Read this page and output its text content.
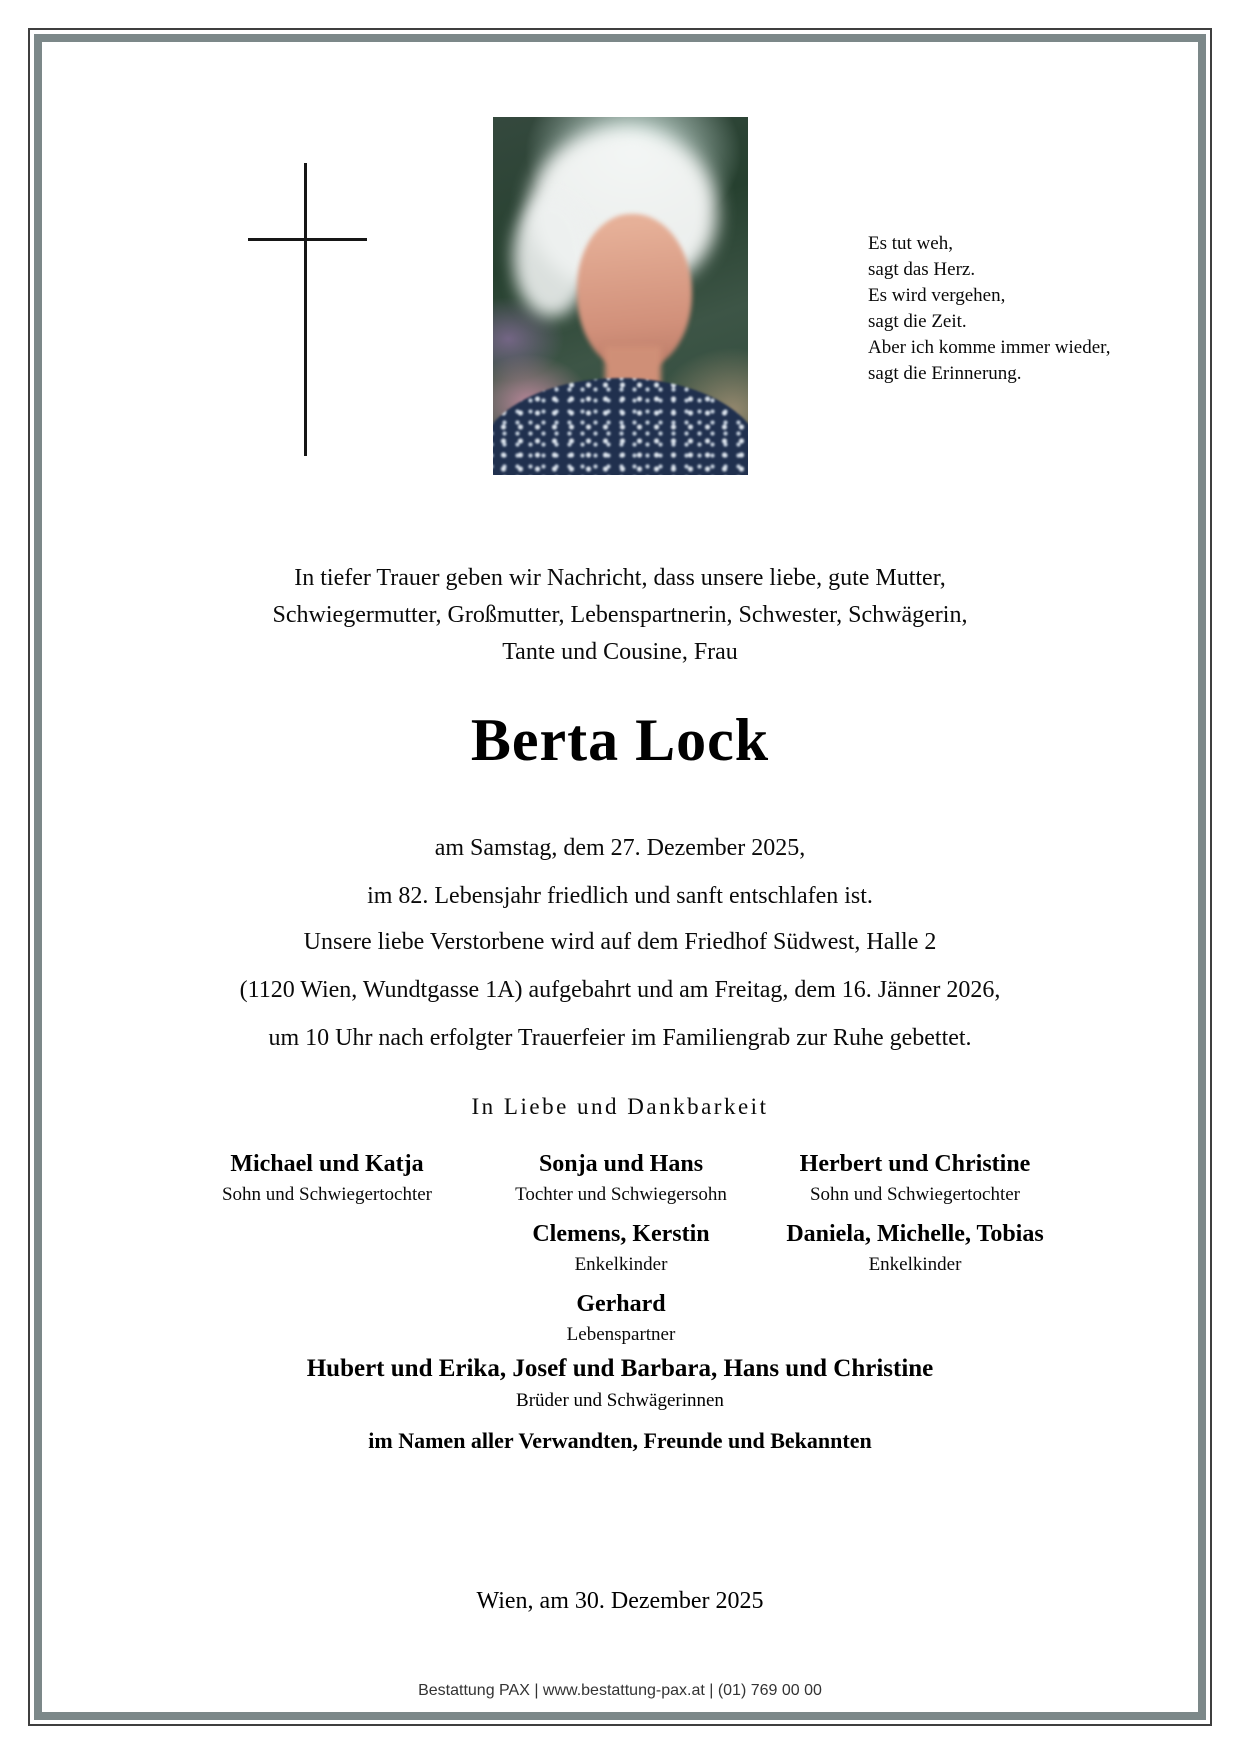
Es tut weh,
sagt das Herz.
Es wird vergehen,
sagt die Zeit.
Aber ich komme immer wieder,
sagt die Erinnerung.
In tiefer Trauer geben wir Nachricht, dass unsere liebe, gute Mutter,
Schwiegermutter, Großmutter, Lebenspartnerin, Schwester, Schwägerin,
Tante und Cousine, Frau
Berta Lock
am Samstag, dem 27. Dezember 2025,
im 82. Lebensjahr friedlich und sanft entschlafen ist.
Unsere liebe Verstorbene wird auf dem Friedhof Südwest, Halle 2
(1120 Wien, Wundtgasse 1A) aufgebahrt und am Freitag, dem 16. Jänner 2026,
um 10 Uhr nach erfolgter Trauerfeier im Familiengrab zur Ruhe gebettet.
In Liebe und Dankbarkeit
Michael und Katja
Sohn und Schwiegertochter
Sonja und Hans
Tochter und Schwiegersohn
Herbert und Christine
Sohn und Schwiegertochter
Clemens, Kerstin
Enkelkinder
Daniela, Michelle, Tobias
Enkelkinder
Gerhard
Lebenspartner
Hubert und Erika, Josef und Barbara, Hans und Christine
Brüder und Schwägerinnen
im Namen aller Verwandten, Freunde und Bekannten
Wien, am 30. Dezember 2025
Bestattung PAX | www.bestattung-pax.at | (01) 769 00 00
